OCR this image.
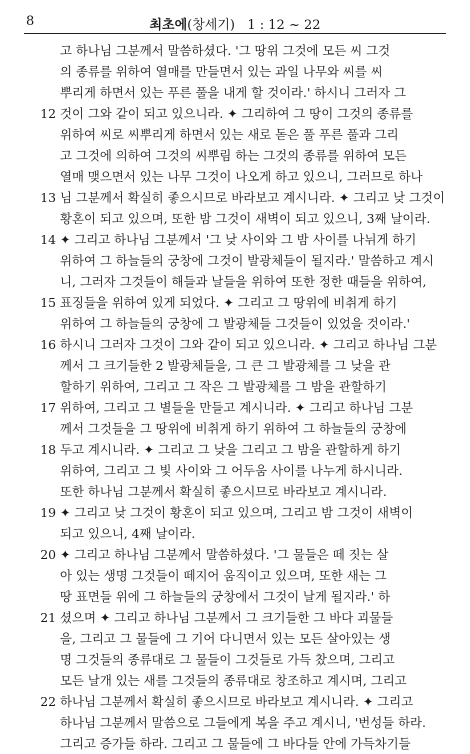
8	최초에(창세기) 1 : 12 ~ 22
고 하나님 그분께서 말씀하셨다. '그 땅위 그것에 모든 씨 그것
의 종류를 위하여 열매를 만들면서 있는 과일 나무와 씨를 씨
뿌리게 하면서 있는 푸른 풀을 내게 할 것이라.' 하시니 그러자 그
12 것이 그와 같이 되고 있으니라. ✦ 그리하여 그 땅이 그것의 종류를
위하여 씨로 씨뿌리게 하면서 있는 새로 돋은 풀 푸른 풀과 그리
고 그것에 의하여 그것의 씨뿌림 하는 그것의 종류를 위하여 모든
열매 맺으면서 있는 나무 그것이 나오게 하고 있으니, 그러므로 하나
13 님 그분께서 확실히 좋으시므로 바라보고 계시니라. ✦ 그리고 낮 그것이
황혼이 되고 있으며, 또한 밤 그것이 새벽이 되고 있으니, 3째 날이라.
14 ✦ 그리고 하나님 그분께서 '그 낮 사이와 그 밤 사이를 나뉘게 하기
위하여 그 하늘들의 궁창에 그것이 발광체들이 될지라.' 말씀하고 계시
니, 그러자 그것들이 해들과 날들을 위하여 또한 정한 때들을 위하여,
15 표징들을 위하여 있게 되었다. ✦ 그리고 그 땅위에 비취게 하기
위하여 그 하늘들의 궁창에 그 발광체들 그것들이 있었을 것이라.'
16 하시니 그러자 그것이 그와 같이 되고 있으니라. ✦ 그리고 하나님 그분
께서 그 크기들한 2 발광체들을, 그 큰 그 발광체를 그 낮을 관
할하기 위하여, 그리고 그 작은 그 발광체를 그 밤을 관할하기
17 위하여, 그리고 그 별들을 만들고 계시니라. ✦ 그리고 하나님 그분
께서 그것들을 그 땅위에 비취게 하기 위하여 그 하늘들의 궁창에
18 두고 계시니라. ✦ 그리고 그 낮을 그리고 그 밤을 관할하게 하기
위하여, 그리고 그 빛 사이와 그 어두움 사이를 나누게 하시니라.
또한 하나님 그분께서 확실히 좋으시므로 바라보고 계시니라.
19 ✦ 그리고 낮 그것이 황혼이 되고 있으며, 그리고 밤 그것이 새벽이
되고 있으니, 4째 날이라.
20 ✦ 그리고 하나님 그분께서 말씀하셨다. '그 물들은 떼 짓는 살
아 있는 생명 그것들이 떼지어 움직이고 있으며, 또한 새는 그
땅 표면들 위에 그 하늘들의 궁창에서 그것이 날게 될지라.' 하
21 셨으며 ✦ 그리고 하나님 그분께서 그 크기들한 그 바다 괴물들
을, 그리고 그 물들에 그 기어 다니면서 있는 모든 살아있는 생
명 그것들의 종류대로 그 물들이 그것들로 가득 찼으며, 그리고
모든 날개 있는 새를 그것들의 종류대로 창조하고 계시며, 그리고
22 하나님 그분께서 확실히 좋으시므로 바라보고 계시니라. ✦ 그리고
하나님 그분께서 말씀으로 그들에게 복을 주고 계시니, '번성들 하라.
그리고 증가들 하라. 그리고 그 물들에 그 바다들 안에 가득차기들
